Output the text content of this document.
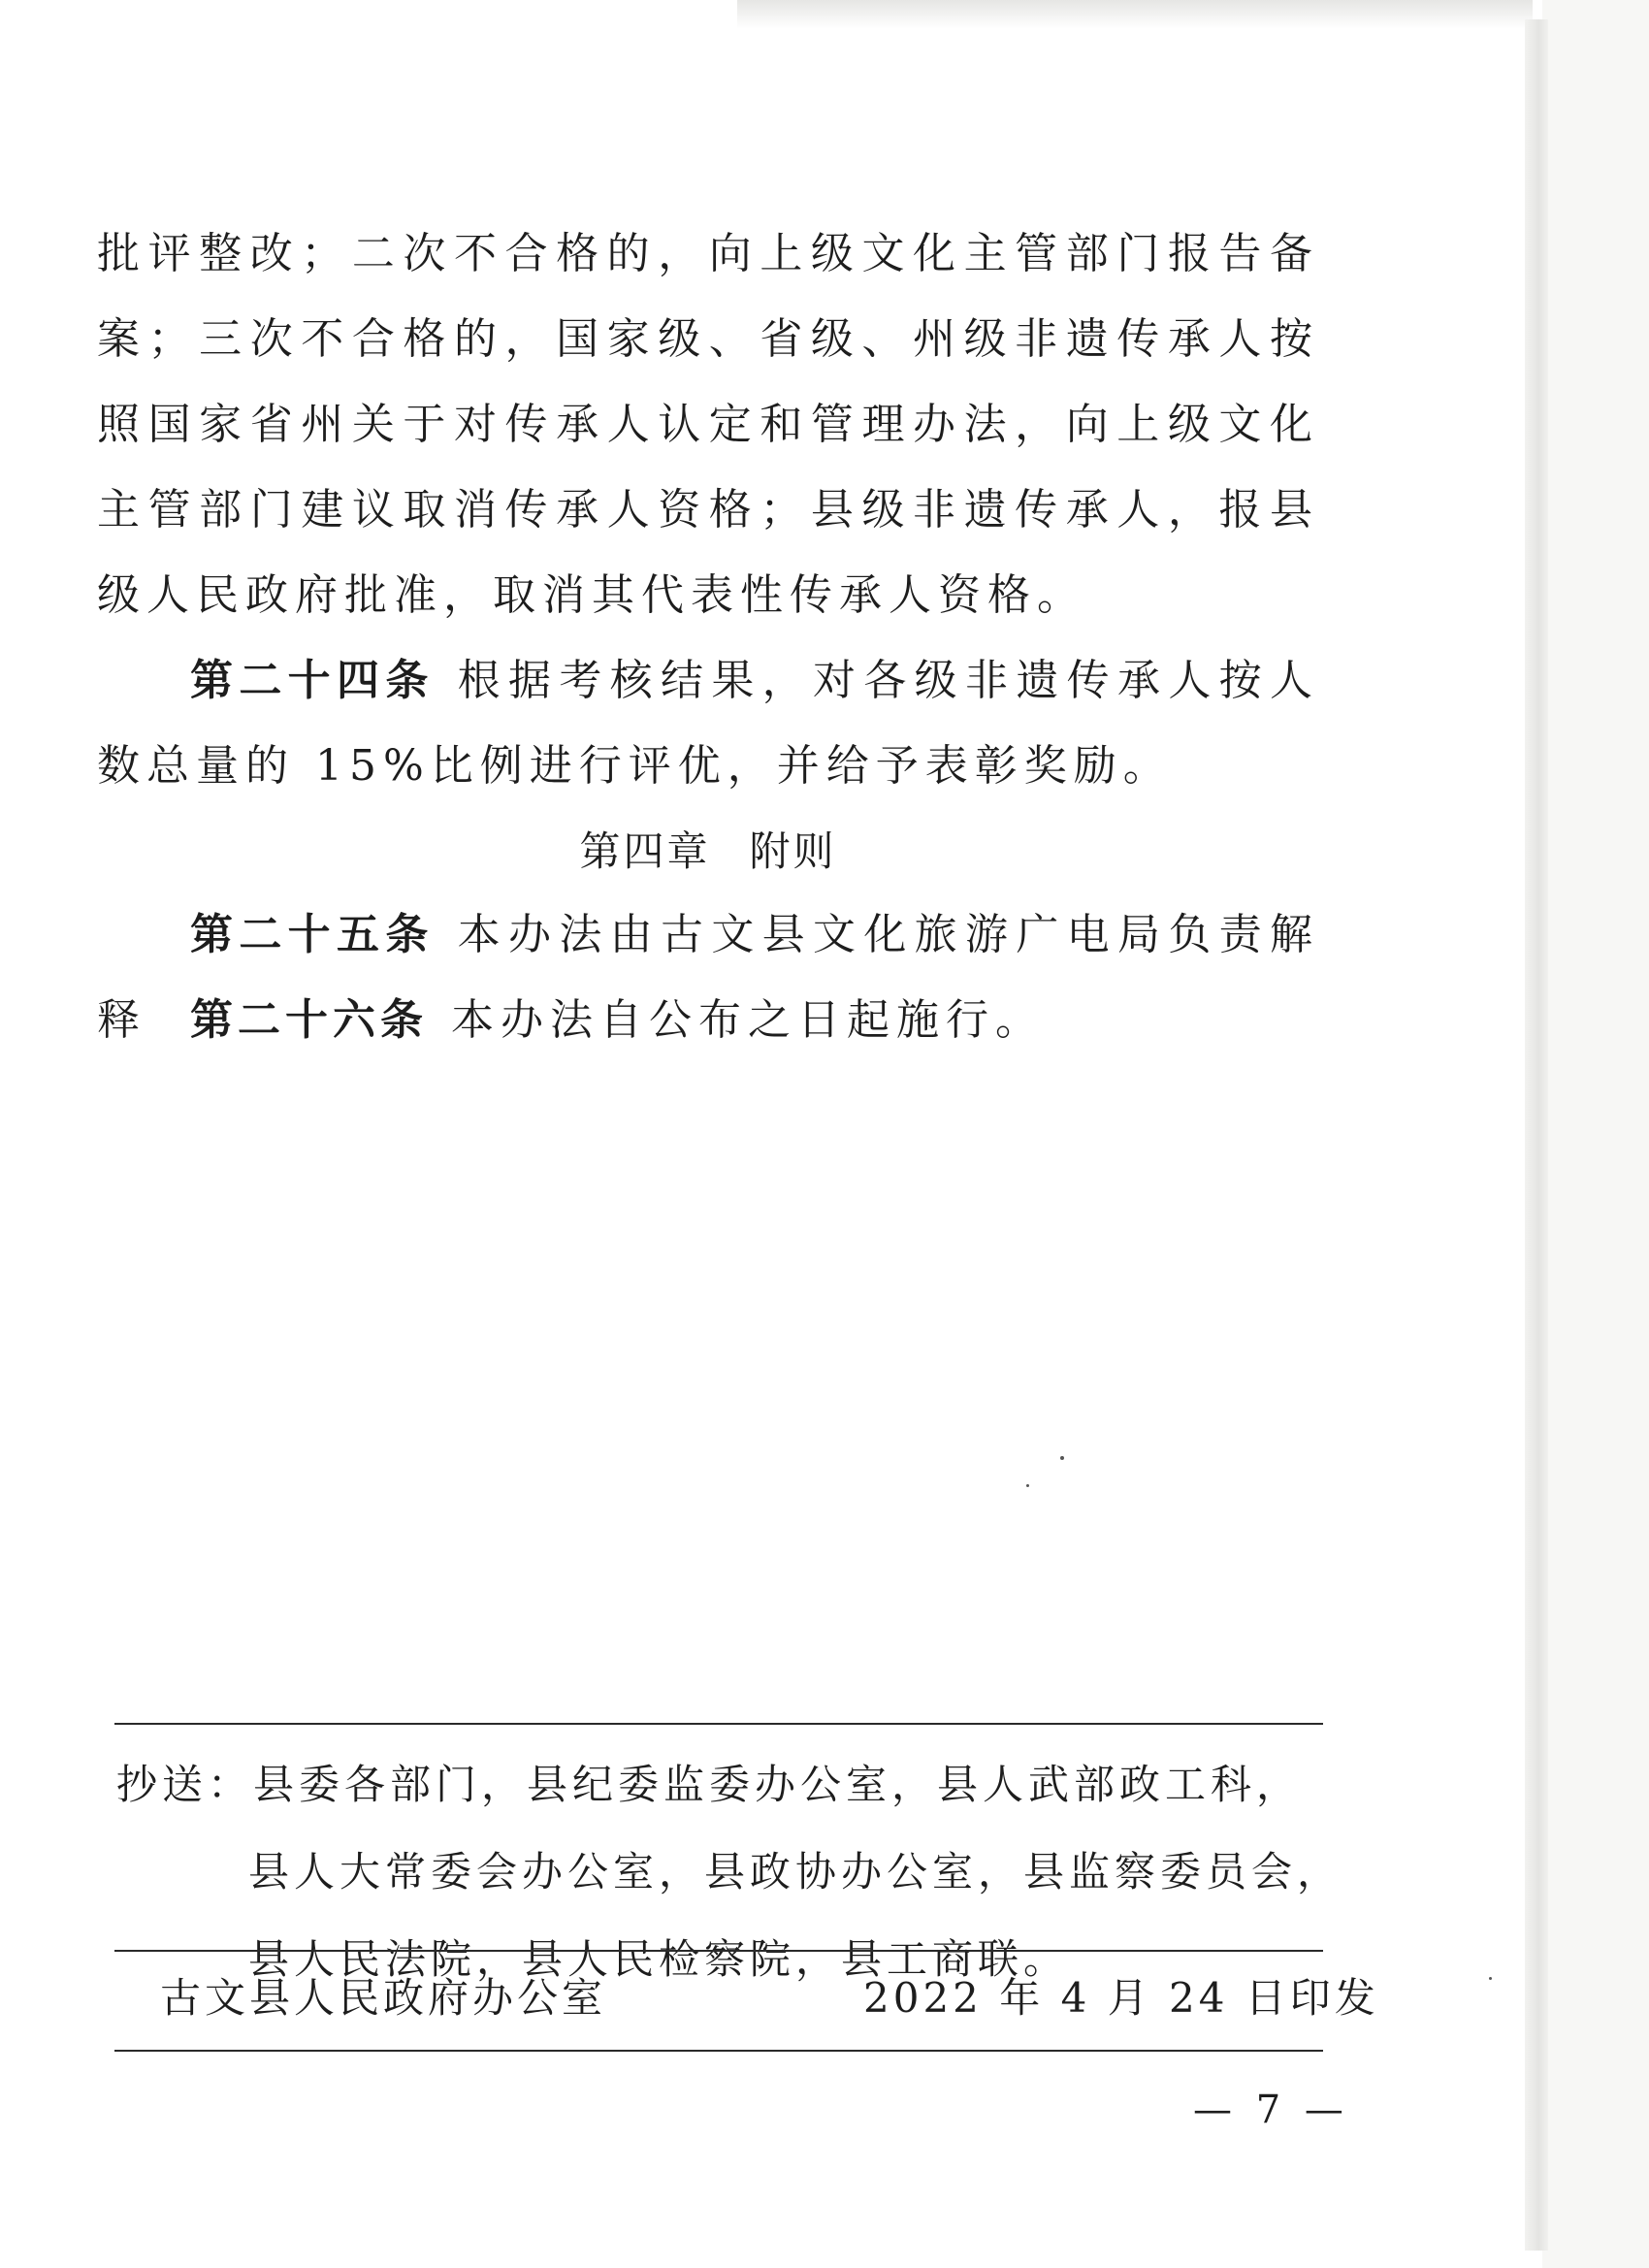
批评整改；二次不合格的，向上级文化主管部门报告备案；三次不合格的，国家级、省级、州级非遗传承人按照国家省州关于对传承人认定和管理办法，向上级文化主管部门建议取消传承人资格；县级非遗传承人，报县级人民政府批准，取消其代表性传承人资格。

第二十四条 根据考核结果，对各级非遗传承人按人数总量的 15%比例进行评优，并给予表彰奖励。

第四章 附则

第二十五条 本办法由古文县文化旅游广电局负责解释	第二十六条 本办法自公布之日起施行。

抄送：县委各部门，县纪委监委办公室，县人武部政工科，
县人大常委会办公室，县政协办公室，县监察委员会，
县人民法院，县人民检察院，县工商联。
古文县人民政府办公室	2022 年 4 月 24 日印发
— 7 —
